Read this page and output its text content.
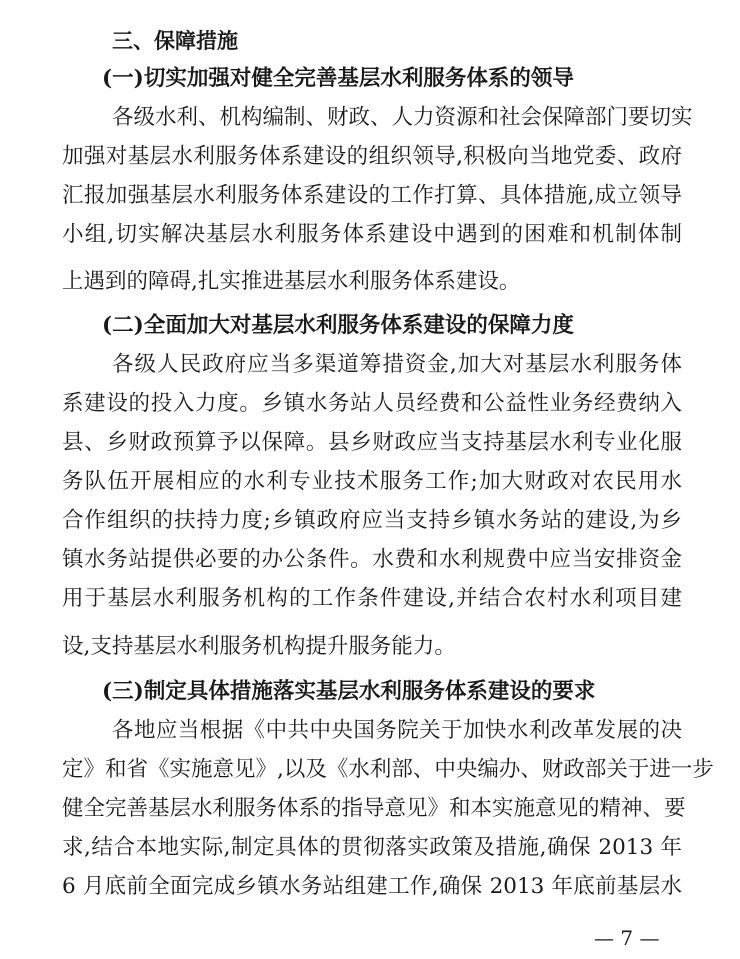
三、保障措施
(一)切实加强对健全完善基层水利服务体系的领导
各级水利、机构编制、财政、人力资源和社会保障部门要切实
加强对基层水利服务体系建设的组织领导,积极向当地党委、政府
汇报加强基层水利服务体系建设的工作打算、具体措施,成立领导
小组,切实解决基层水利服务体系建设中遇到的困难和机制体制
上遇到的障碍,扎实推进基层水利服务体系建设。
(二)全面加大对基层水利服务体系建设的保障力度
各级人民政府应当多渠道筹措资金,加大对基层水利服务体
系建设的投入力度。乡镇水务站人员经费和公益性业务经费纳入
县、乡财政预算予以保障。县乡财政应当支持基层水利专业化服
务队伍开展相应的水利专业技术服务工作;加大财政对农民用水
合作组织的扶持力度;乡镇政府应当支持乡镇水务站的建设,为乡
镇水务站提供必要的办公条件。水费和水利规费中应当安排资金
用于基层水利服务机构的工作条件建设,并结合农村水利项目建
设,支持基层水利服务机构提升服务能力。
(三)制定具体措施落实基层水利服务体系建设的要求
各地应当根据《中共中央国务院关于加快水利改革发展的决
定》和省《实施意见》,以及《水利部、中央编办、财政部关于进一步
健全完善基层水利服务体系的指导意见》和本实施意见的精神、要
求,结合本地实际,制定具体的贯彻落实政策及措施,确保 2013 年
6 月底前全面完成乡镇水务站组建工作,确保 2013 年底前基层水
— 7 —
